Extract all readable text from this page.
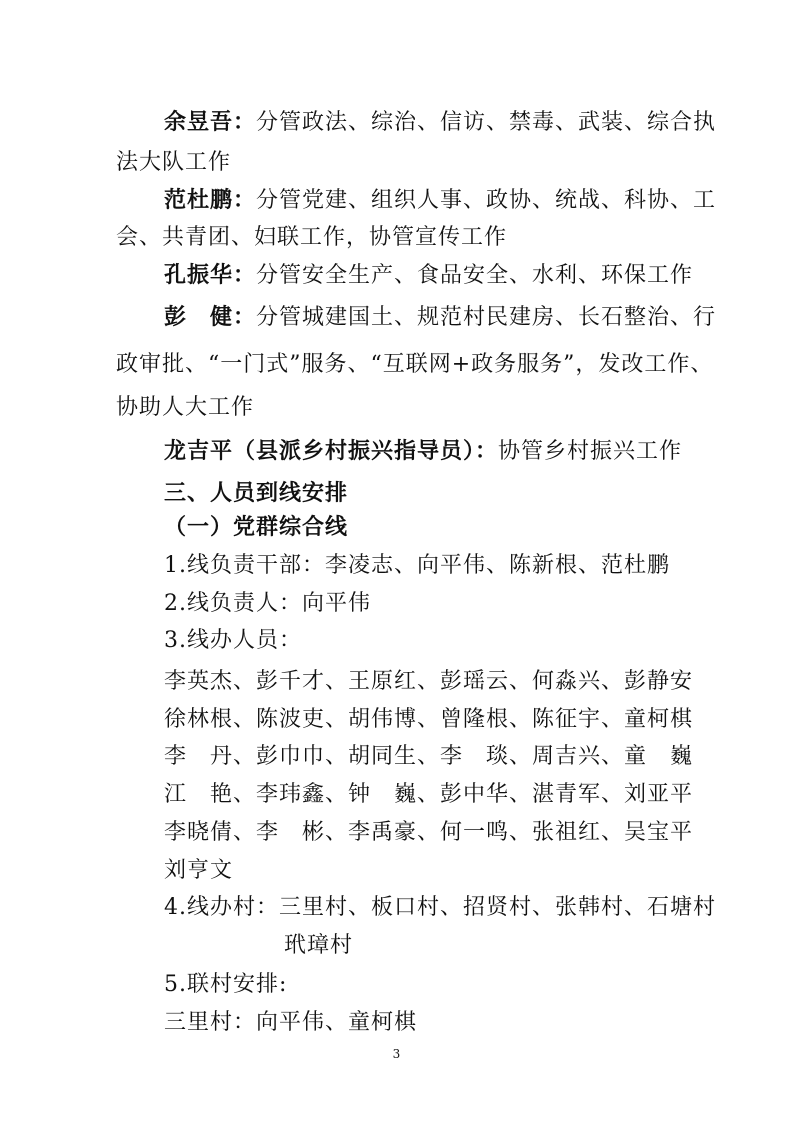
余昱吾：分管政法、综治、信访、禁毒、武装、综合执
法大队工作
范杜鹏：分管党建、组织人事、政协、统战、科协、工
会、共青团、妇联工作，协管宣传工作
孔振华：分管安全生产、食品安全、水利、环保工作
彭　健：分管城建国土、规范村民建房、长石整治、行
政审批、“一门式”服务、“互联网+政务服务”，发改工作、
协助人大工作
龙吉平（县派乡村振兴指导员）：协管乡村振兴工作
三、人员到线安排
（一）党群综合线
1.线负责干部：李凌志、向平伟、陈新根、范杜鹏
2.线负责人：向平伟
3.线办人员：
李英杰、彭千才、王原红、彭瑶云、何淼兴、彭静安
徐林根、陈波吏、胡伟博、曾隆根、陈征宇、童柯棋
李　丹、彭巾巾、胡同生、李　琰、周吉兴、童　巍
江　艳、李玮鑫、钟　巍、彭中华、湛青军、刘亚平
李晓倩、李　彬、李禹豪、何一鸣、张祖红、吴宝平
刘亨文
4.线办村：三里村、板口村、招贤村、张韩村、石塘村
玳璋村
5.联村安排:
三里村：向平伟、童柯棋
3
